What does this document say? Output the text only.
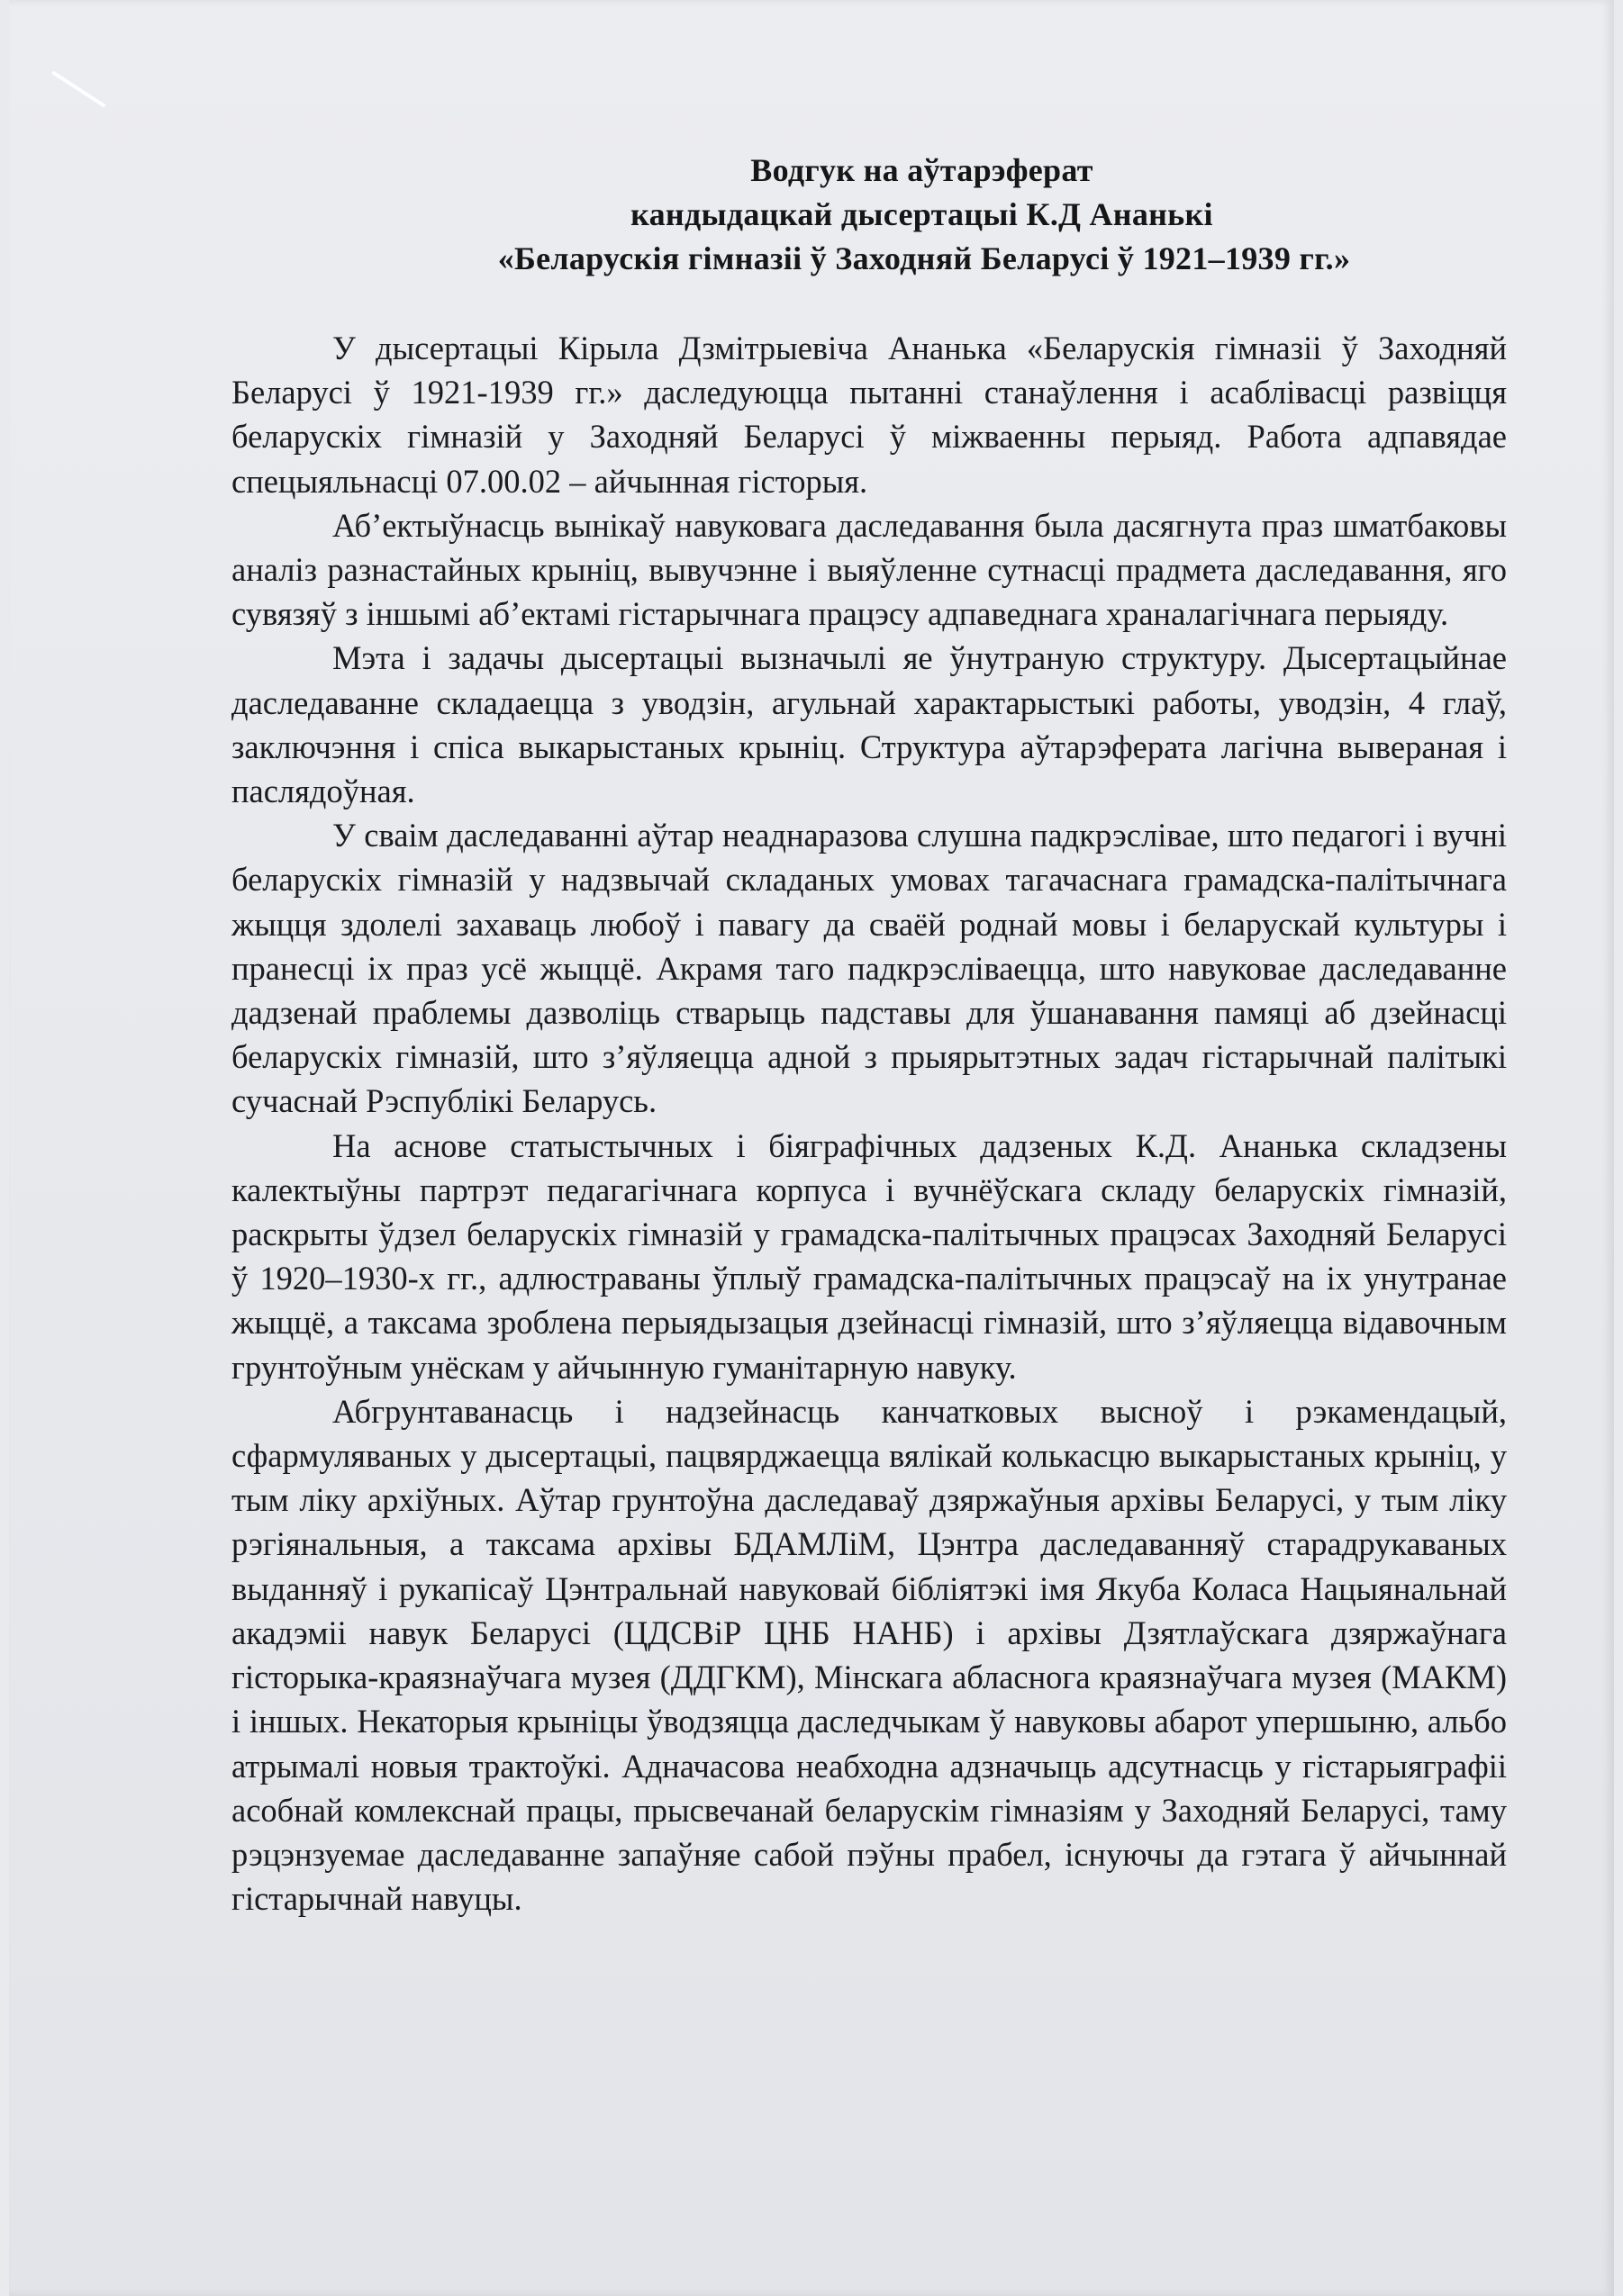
Водгук на аўтарэферат
кандыдацкай дысертацыі К.Д Ананькі
«Беларускія гімназіі ў Заходняй Беларусі ў 1921–1939 гг.»

У дысертацыі Кірыла Дзмітрыевіча Ананька «Беларускія гімназіі ў Заходняй Беларусі ў 1921-1939 гг.» даследуюцца пытанні станаўлення і асаблівасці развіцця беларускіх гімназій у Заходняй Беларусі ў міжваенны перыяд. Работа адпавядае спецыяльнасці 07.00.02 – айчынная гісторыя.

Аб’ектыўнасць вынікаў навуковага даследавання была дасягнута праз шматбаковы аналіз разнастайных крыніц, вывучэнне і выяўленне сутнасці прадмета даследавання, яго сувязяў з іншымі аб’ектамі гістарычнага працэсу адпаведнага храналагічнага перыяду.

Мэта і задачы дысертацыі вызначылі яе ўнутраную структуру. Дысертацыйнае даследаванне складаецца з уводзін, агульнай характарыстыкі работы, уводзін, 4 глаў, заключэння і спіса выкарыстаных крыніц. Структура аўтарэферата лагічна выверaная і паслядоўная.

У сваім даследаванні аўтар неаднаразова слушна падкрэслівае, што педагогі і вучні беларускіх гімназій у надзвычай складаных умовах тагачаснага грамадска-палітычнага жыцця здолелі захаваць любоў і павагу да сваёй роднай мовы і беларускай культуры і пранесці іх праз усё жыццё. Акрамя таго падкрэсліваецца, што навуковае даследаванне дадзенай праблемы дазволіць стварыць падставы для ўшанавання памяці аб дзейнасці беларускіх гімназій, што з’яўляецца адной з прыярытэтных задач гістарычнай палітыкі сучаснай Рэспублікі Беларусь.

На аснове статыстычных і біяграфічных дадзеных К.Д. Ананька складзены калектыўны партрэт педагагічнага корпуса і вучнёўскага складу беларускіх гімназій, раскрыты ўдзел беларускіх гімназій у грамадска-палітычных працэсах Заходняй Беларусі ў 1920–1930-х гг., адлюстраваны ўплыў грамадска-палітычных працэсаў на іх унутранае жыццё, а таксама зроблена перыядызацыя дзейнасці гімназій, што з’яўляецца відавочным грунтоўным унёскам у айчынную гуманітарную навуку.

Абгрунтаванасць і надзейнасць канчатковых высноў і рэкамендацый, сфармуляваных у дысертацыі, пацвярджаецца вялікай колькасцю выкарыстаных крыніц, у тым ліку архіўных. Аўтар грунтоўна даследаваў дзяржаўныя архівы Беларусі, у тым ліку рэгіянальныя, а таксама архівы БДАМЛіМ, Цэнтра даследаванняў старадрукаваных выданняў і рукапісаў Цэнтральнай навуковай бібліятэкі імя Якуба Коласа Нацыянальнай акадэміі навук Беларусі (ЦДСВіР ЦНБ НАНБ) і архівы Дзятлаўскага дзяржаўнага гісторыка-краязнаўчага музея (ДДГКМ), Мінскага абласнога краязнаўчага музея (МАКМ) і іншых. Некаторыя крыніцы ўводзяцца даследчыкам ў навуковы абарот упершыню, альбо атрымалі новыя трактоўкі. Адначасова неабходна адзначыць адсутнасць у гістарыяграфіі асобнай комлекснай працы, прысвечанай беларускім гімназіям у Заходняй Беларусі, таму рэцэнзуемае даследаванне запаўняе сабой пэўны прабел, існуючы да гэтага ў айчыннай гістарычнай навуцы.
